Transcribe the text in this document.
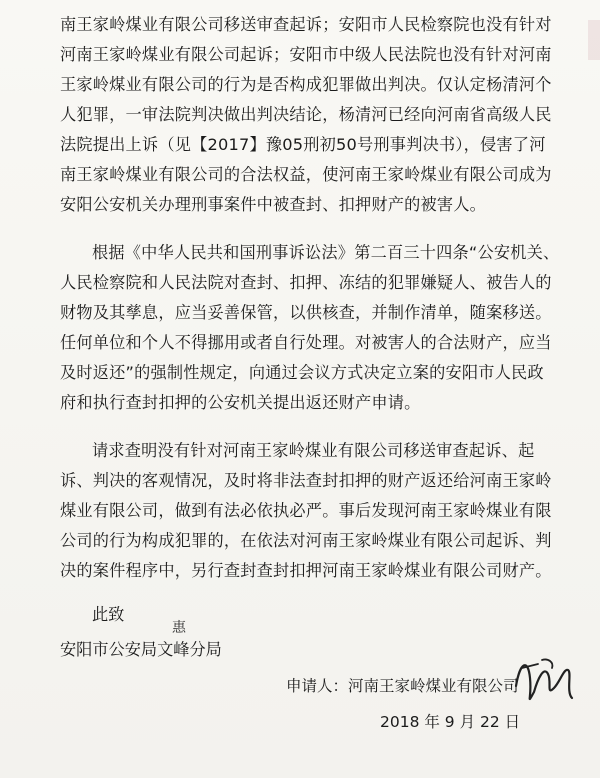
南王家岭煤业有限公司移送审查起诉；安阳市人民检察院也没有针对
河南王家岭煤业有限公司起诉；安阳市中级人民法院也没有针对河南
王家岭煤业有限公司的行为是否构成犯罪做出判决。仅认定杨清河个
人犯罪，一审法院判决做出判决结论，杨清河已经向河南省高级人民
法院提出上诉（见【2017】豫05刑初50号刑事判决书），侵害了河
南王家岭煤业有限公司的合法权益，使河南王家岭煤业有限公司成为
安阳公安机关办理刑事案件中被查封、扣押财产的被害人。

根据《中华人民共和国刑事诉讼法》第二百三十四条“公安机关、
人民检察院和人民法院对查封、扣押、冻结的犯罪嫌疑人、被告人的
财物及其孳息，应当妥善保管，以供核查，并制作清单，随案移送。
任何单位和个人不得挪用或者自行处理。对被害人的合法财产，应当
及时返还”的强制性规定，向通过会议方式决定立案的安阳市人民政
府和执行查封扣押的公安机关提出返还财产申请。

请求查明没有针对河南王家岭煤业有限公司移送审查起诉、起
诉、判决的客观情况，及时将非法查封扣押的财产返还给河南王家岭
煤业有限公司，做到有法必依执必严。事后发现河南王家岭煤业有限
公司的行为构成犯罪的，在依法对河南王家岭煤业有限公司起诉、判
决的案件程序中，另行查封查封扣押河南王家岭煤业有限公司财产。

此致
安阳市公安局文峰分局
惠
申请人：河南王家岭煤业有限公司
2018 年 9 月 22 日
